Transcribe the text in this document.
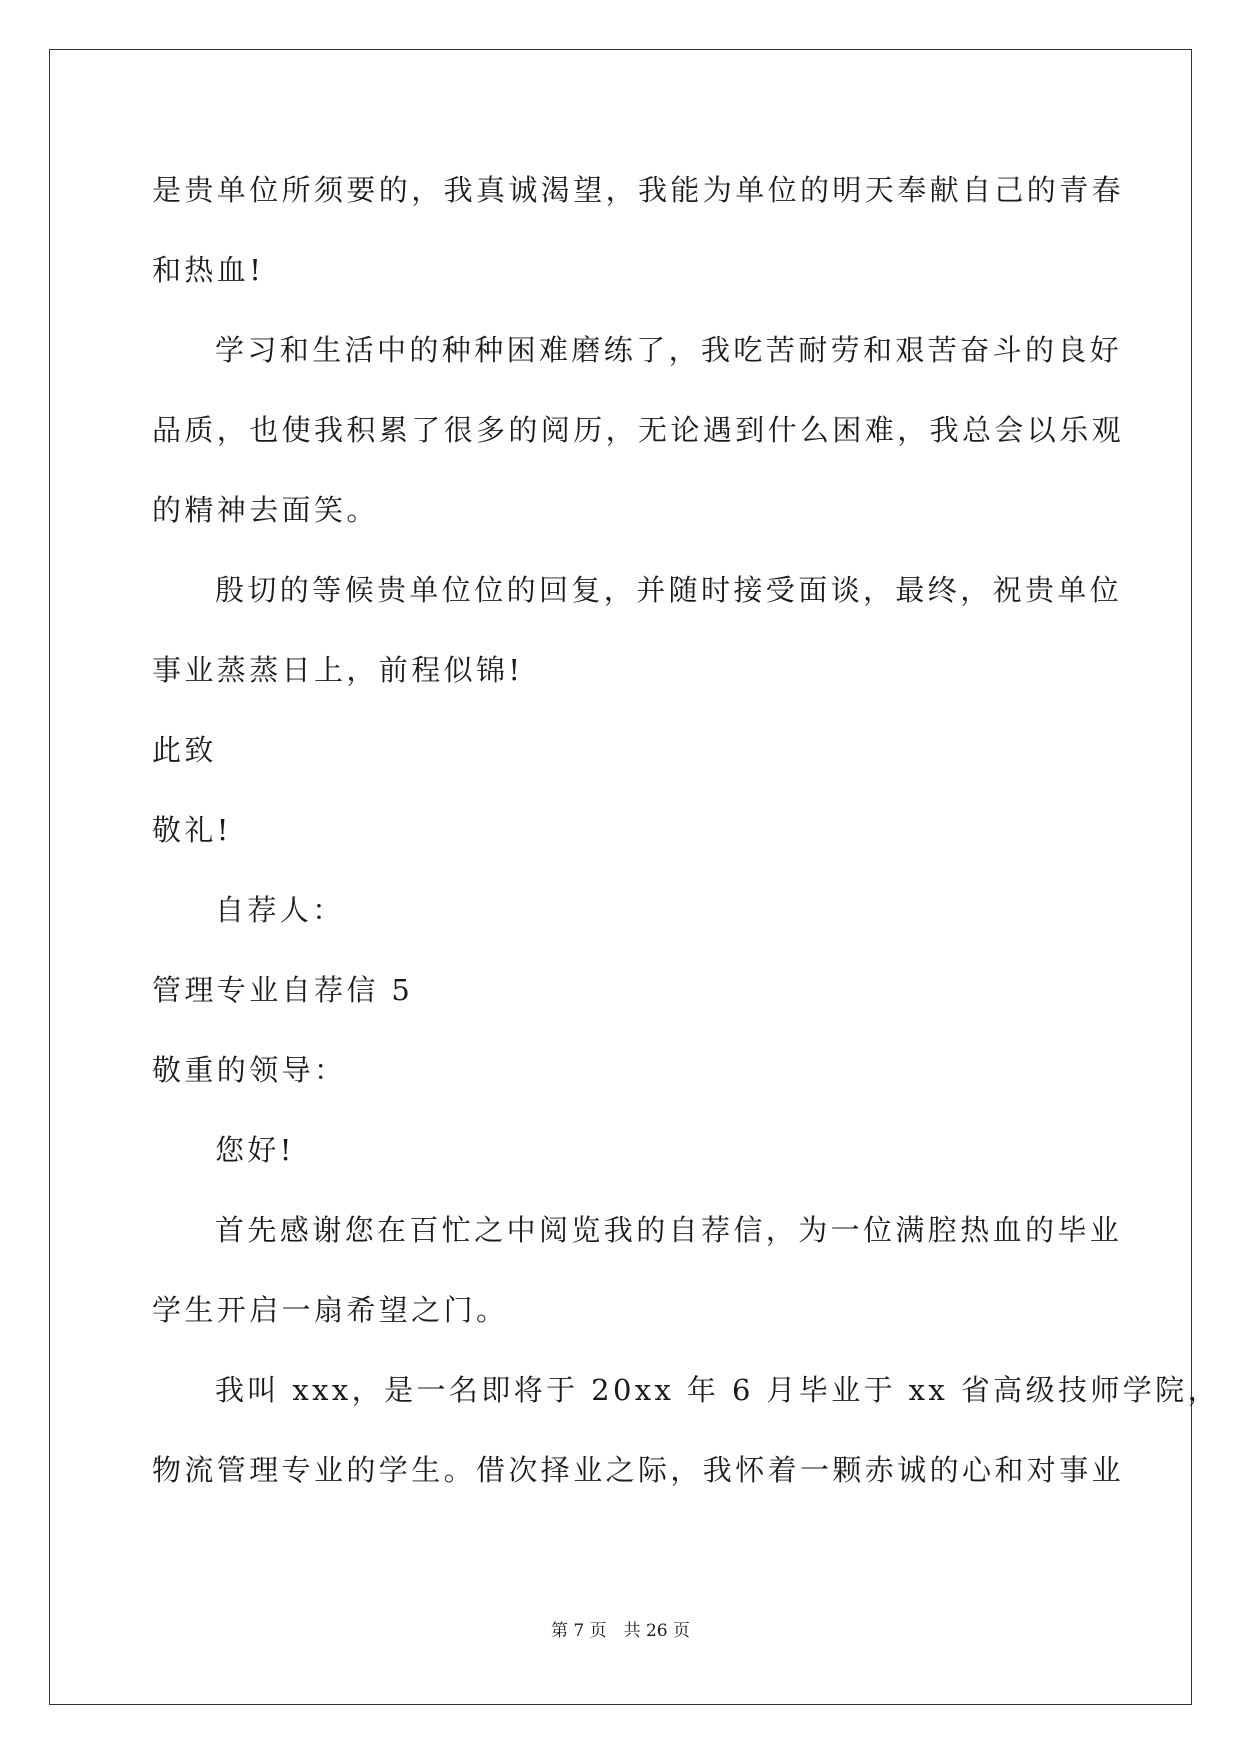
是贵单位所须要的，我真诚渴望，我能为单位的明天奉献自己的青春
和热血!
学习和生活中的种种困难磨练了，我吃苦耐劳和艰苦奋斗的良好
品质，也使我积累了很多的阅历，无论遇到什么困难，我总会以乐观
的精神去面笑。
殷切的等候贵单位位的回复，并随时接受面谈，最终，祝贵单位
事业蒸蒸日上，前程似锦!
此致
敬礼!
自荐人：
管理专业自荐信 5
敬重的领导：
您好!
首先感谢您在百忙之中阅览我的自荐信，为一位满腔热血的毕业
学生开启一扇希望之门。
我叫 xxx，是一名即将于 20xx 年 6 月毕业于 xx 省高级技师学院，
物流管理专业的学生。借次择业之际，我怀着一颗赤诚的心和对事业
第 7 页　共 26 页
